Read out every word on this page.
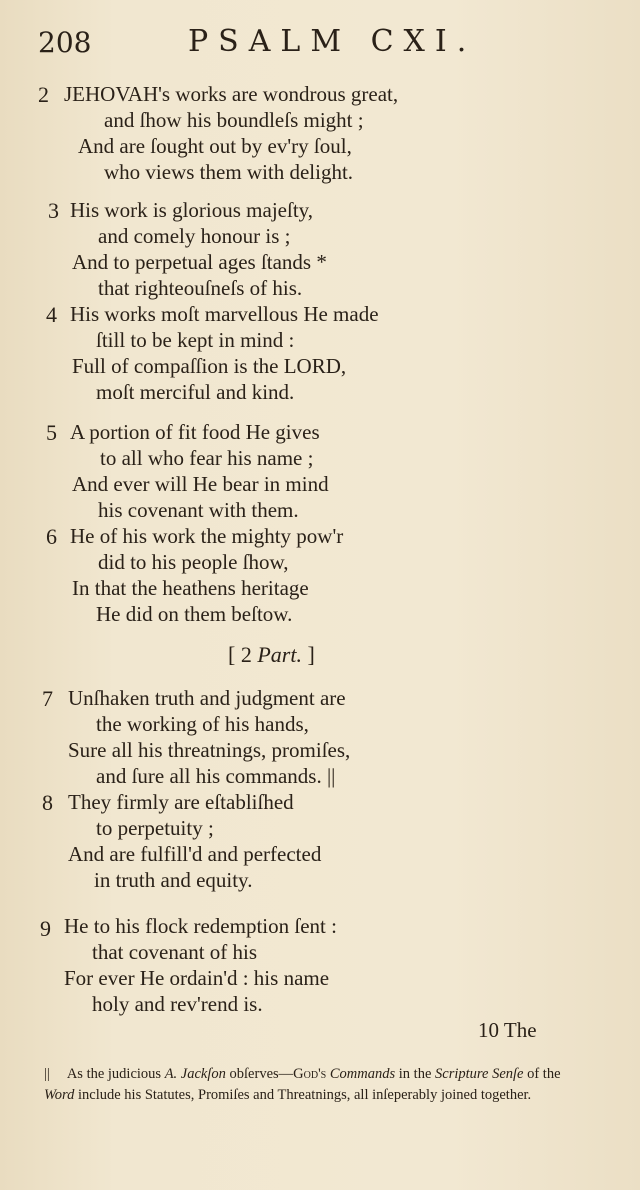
208	PSALM CXI.
2 JEHOVAH's works are wondrous great,
and ſhow his boundleſs might ;
And are ſought out by ev'ry ſoul,
who views them with delight.
3 His work is glorious majeſty,
and comely honour is ;
And to perpetual ages ſtands *
that righteouſneſs of his.
4 His works moſt marvellous He made
ſtill to be kept in mind :
Full of compaſſion is the LORD,
moſt merciful and kind.
5 A portion of fit food He gives
to all who fear his name ;
And ever will He bear in mind
his covenant with them.
6 He of his work the mighty pow'r
did to his people ſhow,
In that the heathens heritage
He did on them beſtow.
[ 2 Part. ]
7 Unſhaken truth and judgment are
the working of his hands,
Sure all his threatnings, promiſes,
and ſure all his commands. ||
8 They firmly are eſtabliſhed
to perpetuity ;
And are fulfill'd and perfected
in truth and equity.
9 He to his flock redemption ſent :
that covenant of his
For ever He ordain'd : his name
holy and rev'rend is.
10 The
|| As the judicious A. Jackſon obſerves—God's Commands in the Scripture Senſe of the Word include his Statutes, Promiſes and Threatnings, all inſeperably joined together.
